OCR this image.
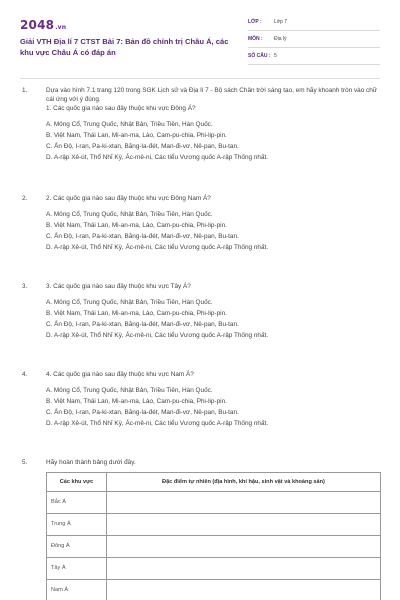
2048.vn
Giải VTH Địa lí 7 CTST Bài 7: Bản đồ chính trị Châu Á, các khu vực Châu Á có đáp án
LỚP : Lớp 7
MÔN : Địa lý
SỐ CÂU : 5
1.	Dựa vào hình 7.1 trang 120 trong SGK Lịch sử và Địa lí 7 - Bộ sách Chân trời sáng tạo, em hãy khoanh tròn vào chữ cái ứng với ý đúng.

1. Các quốc gia nào sau đây thuộc khu vực Đông Á?

A. Mông Cổ, Trung Quốc, Nhật Bản, Triều Tiên, Hàn Quốc.
B. Việt Nam, Thái Lan, Mi-an-ma, Lào, Cam-pu-chia, Phi-lip-pin.
C. Ấn Độ, I-ran, Pa-ki-xtan, Băng-la-đét, Man-đi-vơ, Nê-pan, Bu-tan.
D. A-rập Xê-út, Thổ Nhĩ Kỳ, Ác-mê-ni, Các tiểu Vương quốc A-rập Thống nhất.
2.	2. Các quốc gia nào sau đây thuộc khu vực Đông Nam Á?

A. Mông Cổ, Trung Quốc, Nhật Bản, Triều Tiên, Hàn Quốc.
B. Việt Nam, Thái Lan, Mi-an-ma, Lào, Cam-pu-chia, Phi-lip-pin.
C. Ấn Độ, I-ran, Pa-ki-xtan, Băng-la-đét, Man-đi-vơ, Nê-pan, Bu-tan.
D. A-rập Xê-út, Thổ Nhĩ Kỳ, Ác-mê-ni, Các tiểu Vương quốc A-rập Thống nhất.
3.	3. Các quốc gia nào sau đây thuộc khu vực Tây Á?

A. Mông Cổ, Trung Quốc, Nhật Bản, Triều Tiên, Hàn Quốc.
B. Việt Nam, Thái Lan, Mi-an-ma, Lào, Cam-pu-chia, Phi-lip-pin.
C. Ấn Độ, I-ran, Pa-ki-xtan, Băng-la-đét, Man-đi-vơ, Nê-pan, Bu-tan.
D. A-rập Xê-út, Thổ Nhĩ Kỳ, Ác-mê-ni, Các tiểu Vương quốc A-rập Thống nhất.
4.	4. Các quốc gia nào sau đây thuộc khu vực Nam Á?

A. Mông Cổ, Trung Quốc, Nhật Bản, Triều Tiên, Hàn Quốc.
B. Việt Nam, Thái Lan, Mi-an-ma, Lào, Cam-pu-chia, Phi-lip-pin.
C. Ấn Độ, I-ran, Pa-ki-xtan, Băng-la-đét, Man-đi-vơ, Nê-pan, Bu-tan.
D. A-rập Xê-út, Thổ Nhĩ Kỳ, Ác-mê-ni, Các tiểu Vương quốc A-rập Thống nhất.
5.	Hãy hoàn thành bảng dưới đây.

Các khu vực	Đặc điểm tự nhiên (địa hình, khí hậu, sinh vật và khoáng sản)
Bắc Á	
Trung Á	
Đông Á	
Tây Á	
Nam Á	
